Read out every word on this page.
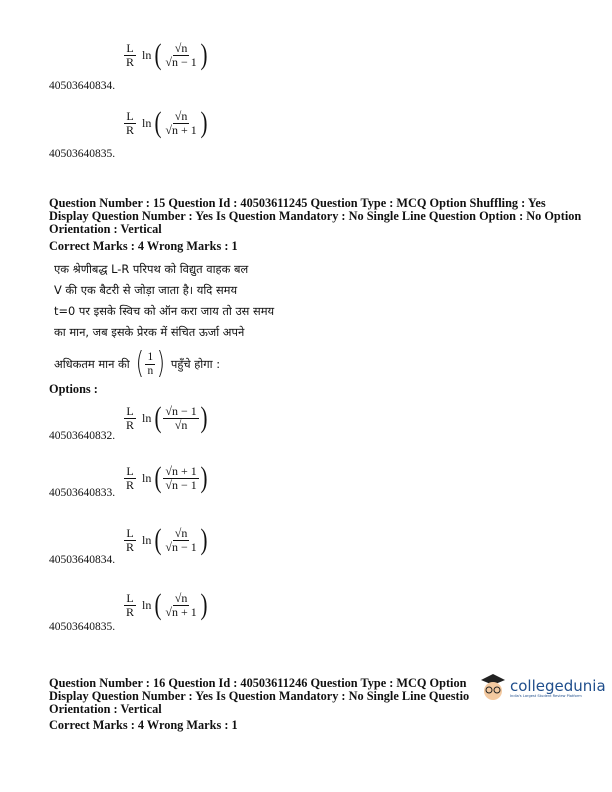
$\frac{L}{R}$ ln ( $\frac{√n}{√n - 1}$ )
40503640834.
$\frac{L}{R}$ ln ( $\frac{√n}{√n + 1}$ )
40503640835.
Question Number : 15 Question Id : 40503611245 Question Type : MCQ Option Shuffling : Yes
Display Question Number : Yes Is Question Mandatory : No Single Line Question Option : No Option
Orientation : Vertical
Correct Marks : 4 Wrong Marks : 1
एक श्रेणीबद्ध L-R परिपथ को विद्युत वाहक बल
V की एक बैटरी से जोड़ा जाता है। यदि समय
t=0 पर इसके स्विच को ऑन करा जाय तो उस समय
का मान, जब इसके प्रेरक में संचित ऊर्जा अपने
अधिकतम मान की ( $\frac{1}{n}$ ) पहुँचे होगा :
Options :
$\frac{L}{R}$ ln ( $\frac{√n - 1}{√n}$ )
40503640832.
$\frac{L}{R}$ ln ( $\frac{√n + 1}{√n - 1}$ )
40503640833.
$\frac{L}{R}$ ln ( $\frac{√n}{√n - 1}$ )
40503640834.
$\frac{L}{R}$ ln ( $\frac{√n}{√n + 1}$ )
40503640835.
Question Number : 16 Question Id : 40503611246 Question Type : MCQ Option
Display Question Number : Yes Is Question Mandatory : No Single Line Questio
Orientation : Vertical
Correct Marks : 4 Wrong Marks : 1
collegedunia
India's Largest Student Review Platform
